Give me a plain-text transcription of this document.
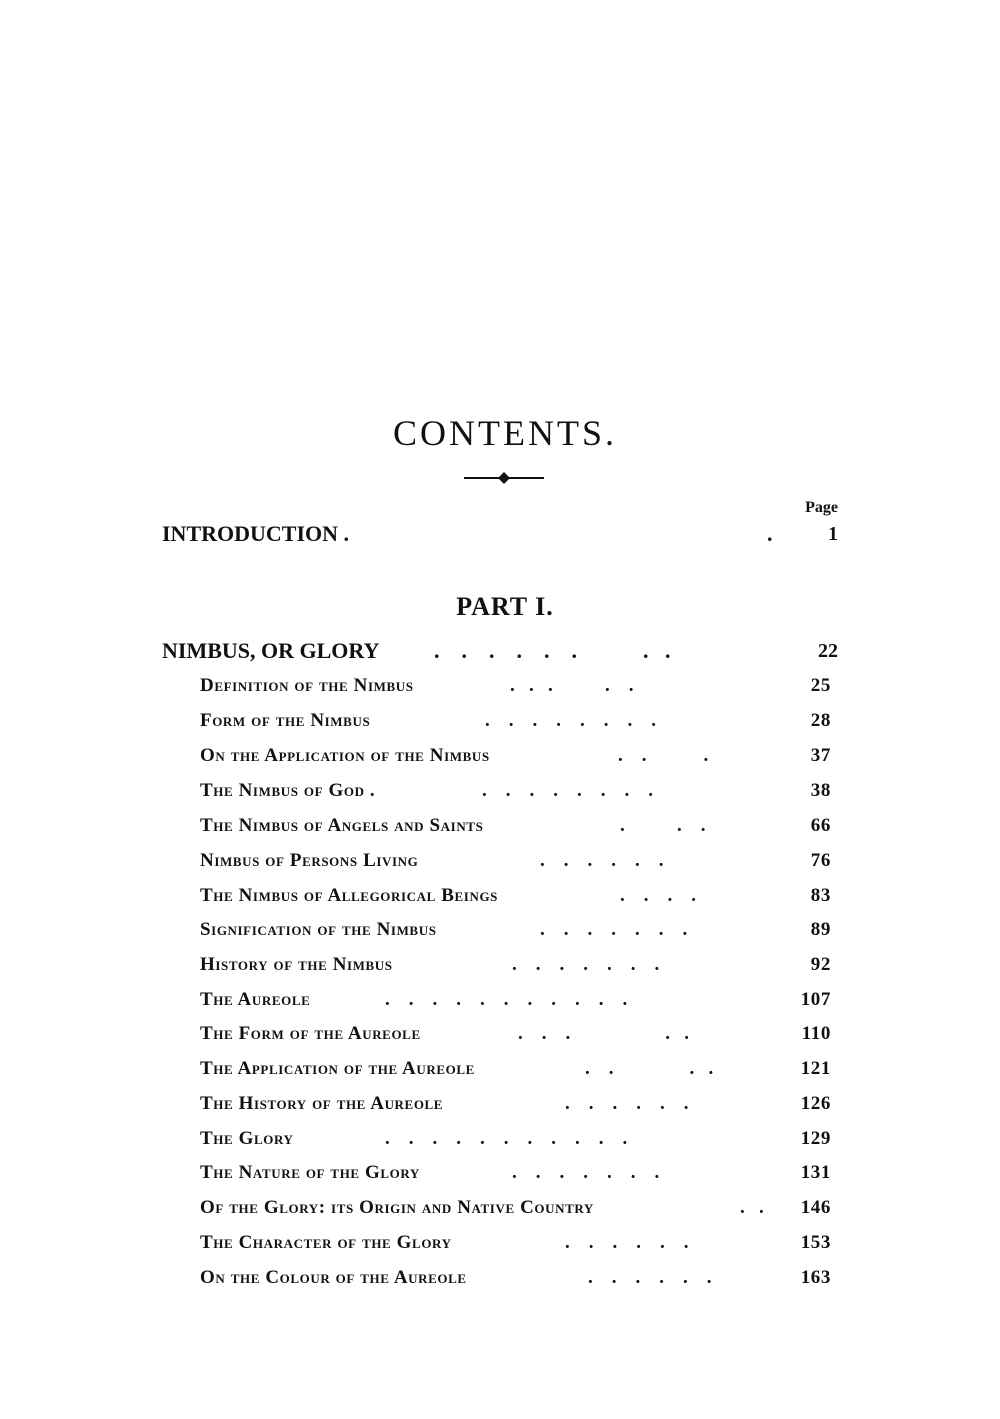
CONTENTS.
Page
INTRODUCTION .	.	1
PART I.
NIMBUS, OR GLORY .    .    .    .    .    .            .   .	22
Definition of the Nimbus	.   .   .           .    .	25
Form of the Nimbus	.    .    .    .    .    .    .    .	28
On the Application of the Nimbus	.    .            .	37
The Nimbus of God .	.    .    .    .    .    .    .    .	38
The Nimbus of Angels and Saints	.           .    .	66
Nimbus of Persons Living	.    .    .    .    .    .	76
The Nimbus of Allegorical Beings	.    .    .    .	83
Signification of the Nimbus	.    .    .    .    .    .    .	89
History of the Nimbus	.    .    .    .    .    .    .	92
The Aureole	.    .    .    .    .    .    .    .    .    .    .	107
The Form of the Aureole	.    .    .                    .   .	110
The Application of the Aureole	.    .                .   .	121
The History of the Aureole	.    .    .    .    .    .	126
The Glory	.    .    .    .    .    .    .    .    .    .    .	129
The Nature of the Glory	.    .    .    .    .    .    .	131
Of the Glory: its Origin and Native Country	.   .	146
The Character of the Glory	.    .    .    .    .    .	153
On the Colour of the Aureole	.    .    .    .    .    .	163
